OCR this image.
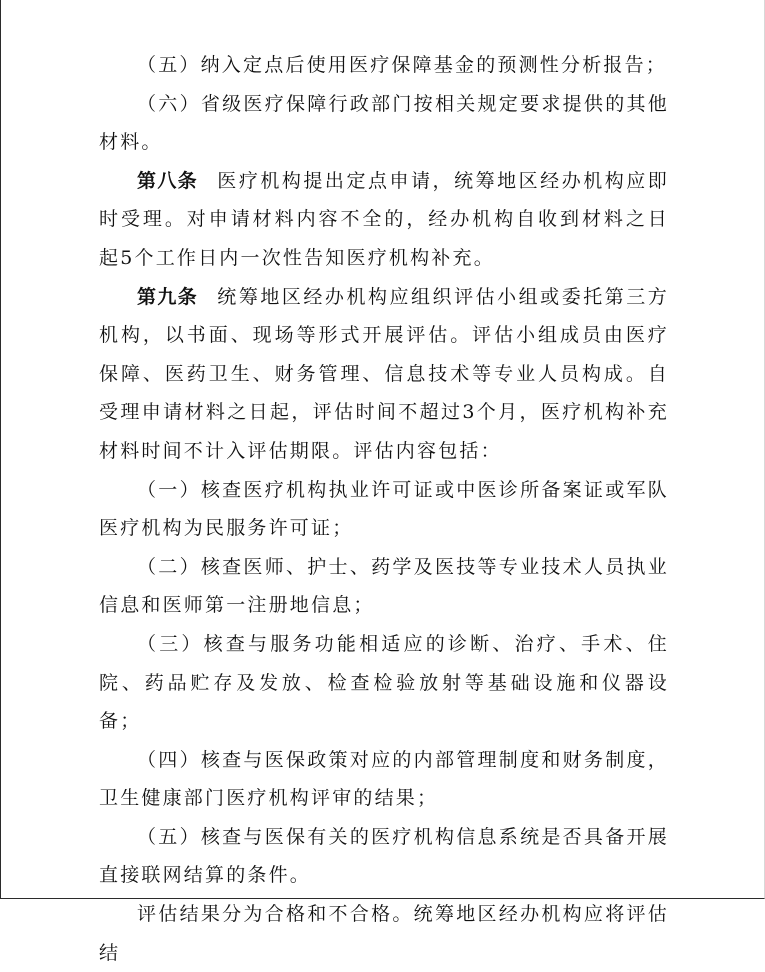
（五）纳入定点后使用医疗保障基金的预测性分析报告；

（六）省级医疗保障行政部门按相关规定要求提供的其他材料。

第八条 医疗机构提出定点申请，统筹地区经办机构应即时受理。对申请材料内容不全的，经办机构自收到材料之日起5个工作日内一次性告知医疗机构补充。

第九条 统筹地区经办机构应组织评估小组或委托第三方机构，以书面、现场等形式开展评估。评估小组成员由医疗保障、医药卫生、财务管理、信息技术等专业人员构成。自受理申请材料之日起，评估时间不超过3个月，医疗机构补充材料时间不计入评估期限。评估内容包括：

（一）核查医疗机构执业许可证或中医诊所备案证或军队医疗机构为民服务许可证；

（二）核查医师、护士、药学及医技等专业技术人员执业信息和医师第一注册地信息；

（三）核查与服务功能相适应的诊断、治疗、手术、住院、药品贮存及发放、检查检验放射等基础设施和仪器设备；

（四）核查与医保政策对应的内部管理制度和财务制度，卫生健康部门医疗机构评审的结果；

（五）核查与医保有关的医疗机构信息系统是否具备开展直接联网结算的条件。

评估结果分为合格和不合格。统筹地区经办机构应将评估结
